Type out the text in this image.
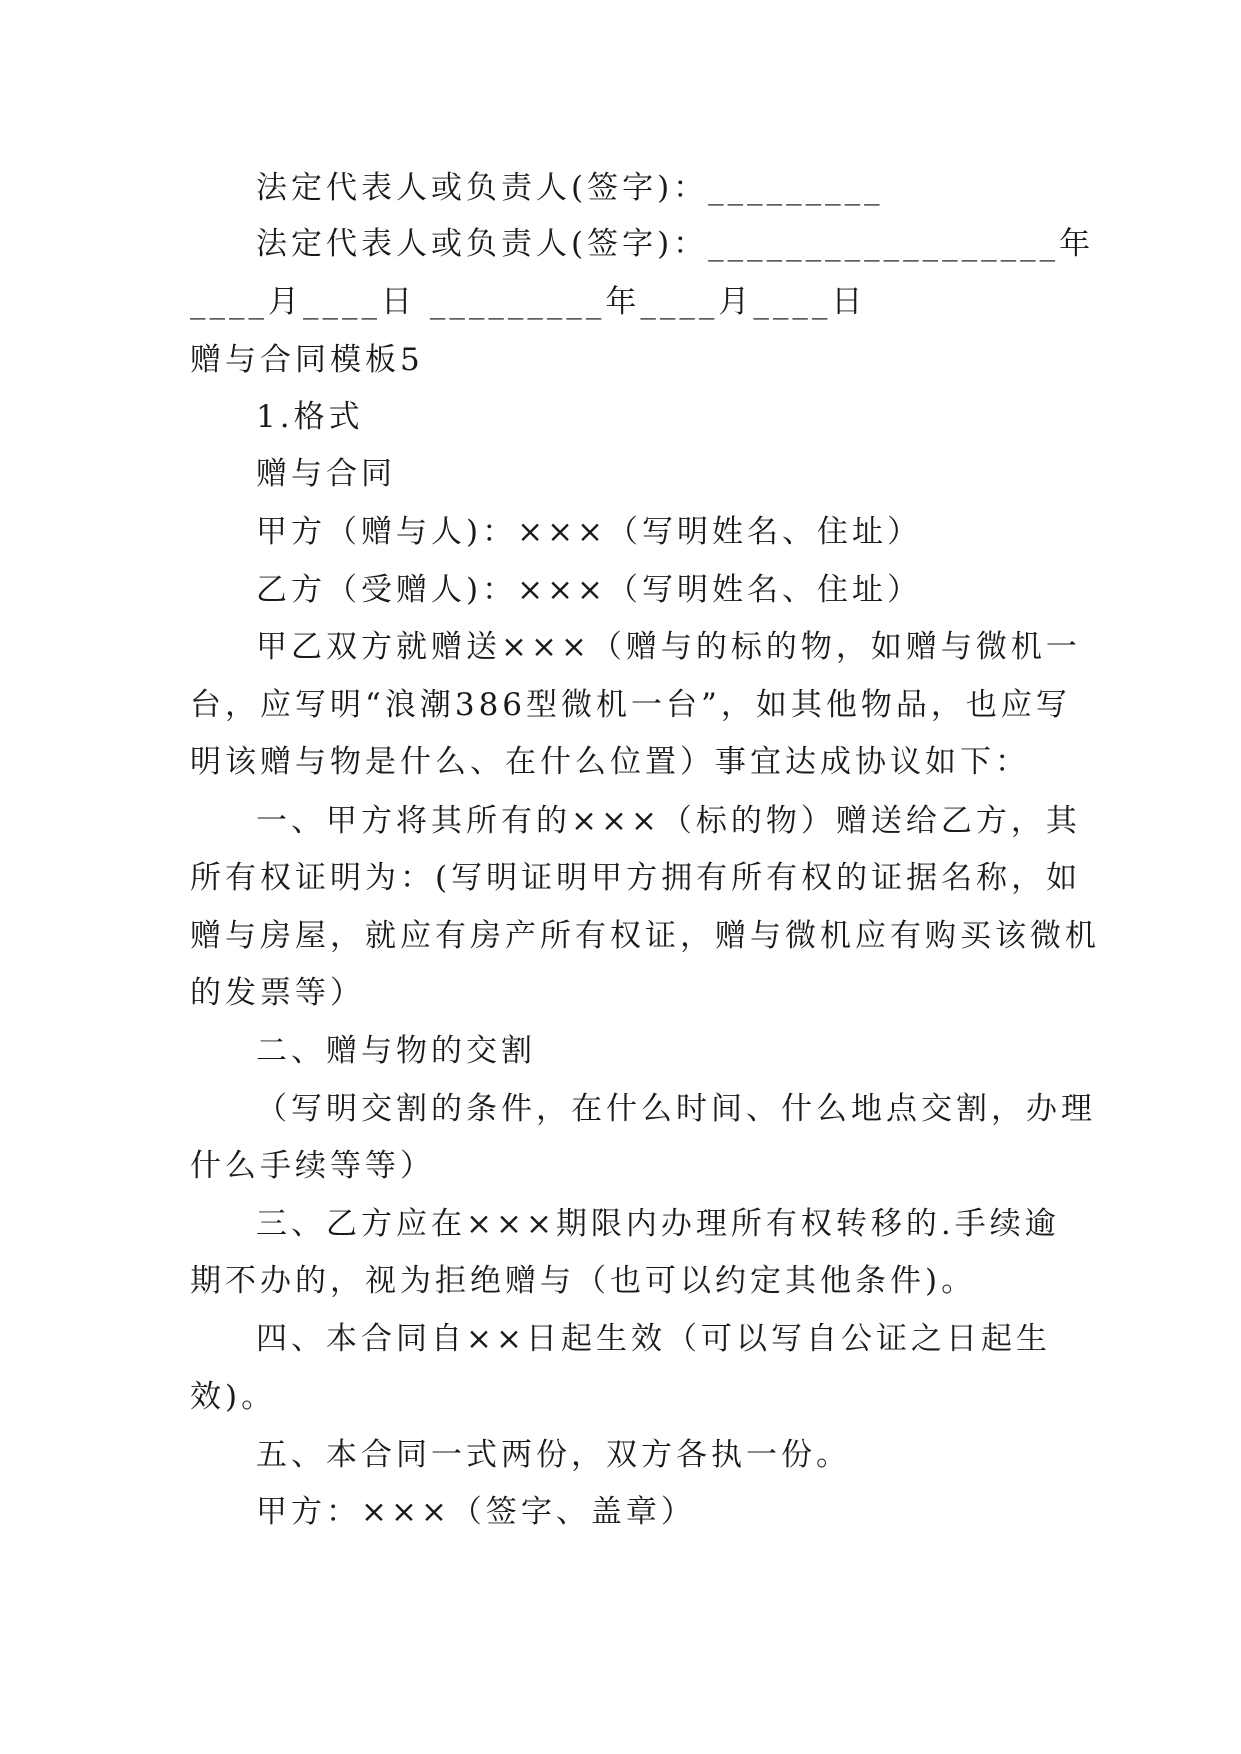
法定代表人或负责人(签字)：_________
法定代表人或负责人(签字)：__________________年
____月____日 _________年____月____日
赠与合同模板5
1.格式
赠与合同
甲方（赠与人)：×××（写明姓名、住址）
乙方（受赠人)：×××（写明姓名、住址）
甲乙双方就赠送×××（赠与的标的物，如赠与微机一
台，应写明“浪潮386型微机一台”，如其他物品，也应写
明该赠与物是什么、在什么位置）事宜达成协议如下：
一、甲方将其所有的×××（标的物）赠送给乙方，其
所有权证明为：(写明证明甲方拥有所有权的证据名称，如
赠与房屋，就应有房产所有权证，赠与微机应有购买该微机
的发票等）
二、赠与物的交割
（写明交割的条件，在什么时间、什么地点交割，办理
什么手续等等）
三、乙方应在×××期限内办理所有权转移的.手续逾
期不办的，视为拒绝赠与（也可以约定其他条件)。
四、本合同自××日起生效（可以写自公证之日起生
效)。
五、本合同一式两份，双方各执一份。
甲方：×××（签字、盖章）
